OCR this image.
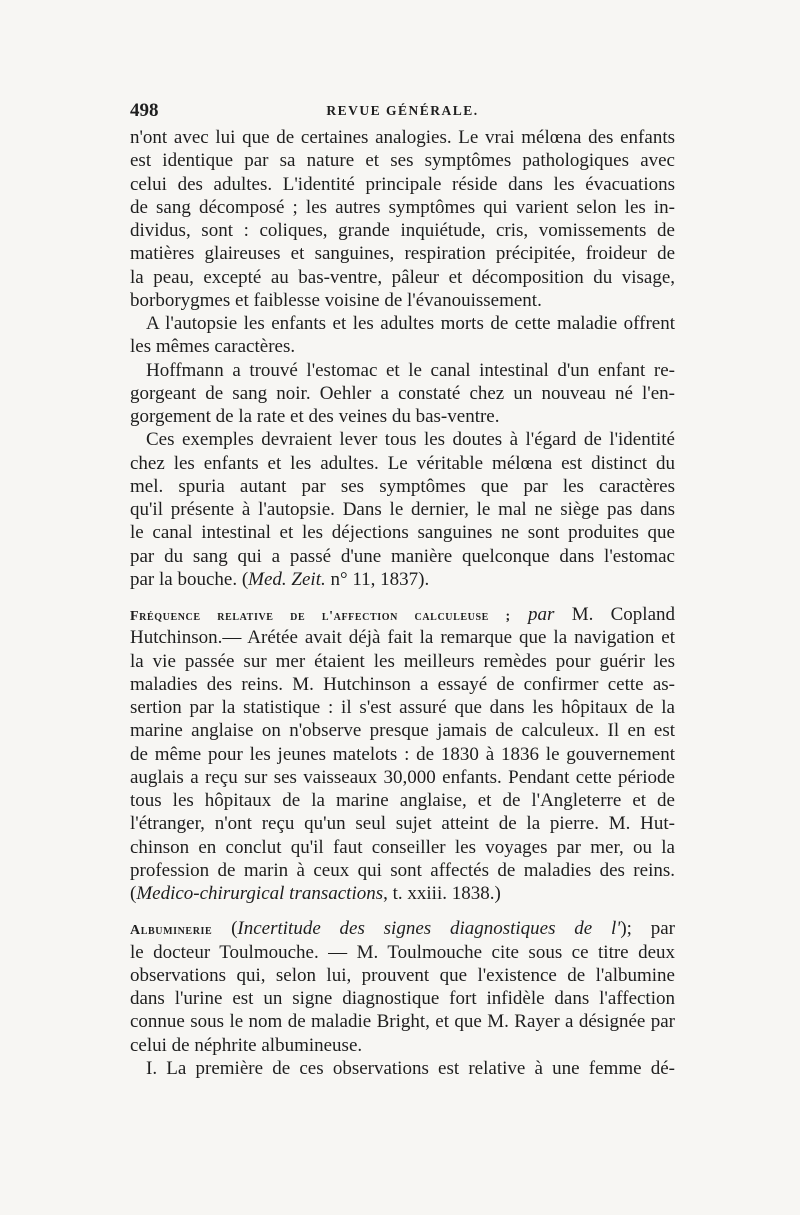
498	REVUE GÉNÉRALE.
n'ont avec lui que de certaines analogies. Le vrai mélœna des enfants
est identique par sa nature et ses symptômes pathologiques avec
celui des adultes. L'identité principale réside dans les évacuations
de sang décomposé ; les autres symptômes qui varient selon les in-
dividus, sont : coliques, grande inquiétude, cris, vomissements de
matières glaireuses et sanguines, respiration précipitée, froideur de
la peau, excepté au bas-ventre, pâleur et décomposition du visage,
borborygmes et faiblesse voisine de l'évanouissement.
A l'autopsie les enfants et les adultes morts de cette maladie offrent
les mêmes caractères.
Hoffmann a trouvé l'estomac et le canal intestinal d'un enfant re-
gorgeant de sang noir. Oehler a constaté chez un nouveau né l'en-
gorgement de la rate et des veines du bas-ventre.
Ces exemples devraient lever tous les doutes à l'égard de l'identité
chez les enfants et les adultes. Le véritable mélœna est distinct du
mel. spuria autant par ses symptômes que par les caractères
qu'il présente à l'autopsie. Dans le dernier, le mal ne siège pas dans
le canal intestinal et les déjections sanguines ne sont produites que
par du sang qui a passé d'une manière quelconque dans l'estomac
par la bouche. (Med. Zeit. n° 11, 1837).
Fréquence relative de l'affection calculeuse ; par M. Copland
Hutchinson.— Arétée avait déjà fait la remarque que la navigation et
la vie passée sur mer étaient les meilleurs remèdes pour guérir les
maladies des reins. M. Hutchinson a essayé de confirmer cette as-
sertion par la statistique : il s'est assuré que dans les hôpitaux de la
marine anglaise on n'observe presque jamais de calculeux. Il en est
de même pour les jeunes matelots : de 1830 à 1836 le gouvernement
auglais a reçu sur ses vaisseaux 30,000 enfants. Pendant cette période
tous les hôpitaux de la marine anglaise, et de l'Angleterre et de
l'étranger, n'ont reçu qu'un seul sujet atteint de la pierre. M. Hut-
chinson en conclut qu'il faut conseiller les voyages par mer, ou la
profession de marin à ceux qui sont affectés de maladies des reins.
(Medico-chirurgical transactions, t. xxiii. 1838.)
Albuminerie (Incertitude des signes diagnostiques de l'); par
le docteur Toulmouche. — M. Toulmouche cite sous ce titre deux
observations qui, selon lui, prouvent que l'existence de l'albumine
dans l'urine est un signe diagnostique fort infidèle dans l'affection
connue sous le nom de maladie Bright, et que M. Rayer a désignée par
celui de néphrite albumineuse.
I. La première de ces observations est relative à une femme dé-
